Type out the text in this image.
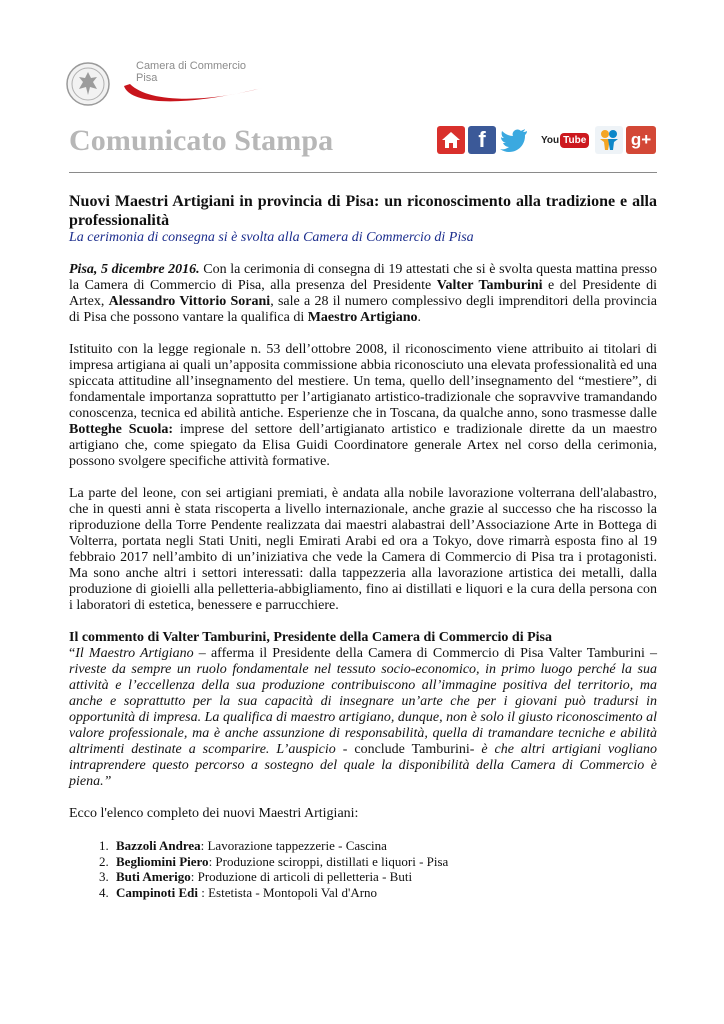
Camera di Commercio
Pisa
Comunicato Stampa	f	You Tube	g+
Nuovi Maestri Artigiani in provincia di Pisa: un riconoscimento alla tradizione e alla professionalità
La cerimonia di consegna si è svolta alla Camera di Commercio di Pisa

Pisa, 5 dicembre 2016. Con la cerimonia di consegna di 19 attestati che si è svolta questa mattina presso la Camera di Commercio di Pisa, alla presenza del Presidente Valter Tamburini e del Presidente di Artex, Alessandro Vittorio Sorani, sale a 28 il numero complessivo degli imprenditori della provincia di Pisa che possono vantare la qualifica di Maestro Artigiano.

Istituito con la legge regionale n. 53 dell’ottobre 2008, il riconoscimento viene attribuito ai titolari di impresa artigiana ai quali un’apposita commissione abbia riconosciuto una elevata professionalità ed una spiccata attitudine all’insegnamento del mestiere. Un tema, quello dell’insegnamento del “mestiere”, di fondamentale importanza soprattutto per l’artigianato artistico-tradizionale che sopravvive tramandando conoscenza, tecnica ed abilità antiche. Esperienze che in Toscana, da qualche anno, sono trasmesse dalle Botteghe Scuola: imprese del settore dell’artigianato artistico e tradizionale dirette da un maestro artigiano che, come spiegato da Elisa Guidi Coordinatore generale Artex nel corso della cerimonia, possono svolgere specifiche attività formative.

La parte del leone, con sei artigiani premiati, è andata alla nobile lavorazione volterrana dell'alabastro, che in questi anni è stata riscoperta a livello internazionale, anche grazie al successo che ha riscosso la riproduzione della Torre Pendente realizzata dai maestri alabastrai dell’Associazione Arte in Bottega di Volterra, portata negli Stati Uniti, negli Emirati Arabi ed ora a Tokyo, dove rimarrà esposta fino al 19 febbraio 2017 nell’ambito di un’iniziativa che vede la Camera di Commercio di Pisa tra i protagonisti. Ma sono anche altri i settori interessati: dalla tappezzeria alla lavorazione artistica dei metalli, dalla produzione di gioielli alla pelletteria-abbigliamento, fino ai distillati e liquori e la cura della persona con i laboratori di estetica, benessere e parrucchiere.

Il commento di Valter Tamburini, Presidente della Camera di Commercio di Pisa

“Il Maestro Artigiano – afferma il Presidente della Camera di Commercio di Pisa Valter Tamburini – riveste da sempre un ruolo fondamentale nel tessuto socio-economico, in primo luogo perché la sua attività e l’eccellenza della sua produzione contribuiscono all’immagine positiva del territorio, ma anche e soprattutto per la sua capacità di insegnare un’arte che per i giovani può tradursi in opportunità di impresa. La qualifica di maestro artigiano, dunque, non è solo il giusto riconoscimento al valore professionale, ma è anche assunzione di responsabilità, quella di tramandare tecniche e abilità altrimenti destinate a scomparire. L’auspicio - conclude Tamburini- è che altri artigiani vogliano intraprendere questo percorso a sostegno del quale la disponibilità della Camera di Commercio è piena.”

Ecco l'elenco completo dei nuovi Maestri Artigiani:

1. Bazzoli Andrea: Lavorazione tappezzerie - Cascina
2. Begliomini Piero: Produzione sciroppi, distillati e liquori - Pisa
3. Buti Amerigo: Produzione di articoli di pelletteria - Buti
4. Campinoti Edi : Estetista - Montopoli Val d'Arno
